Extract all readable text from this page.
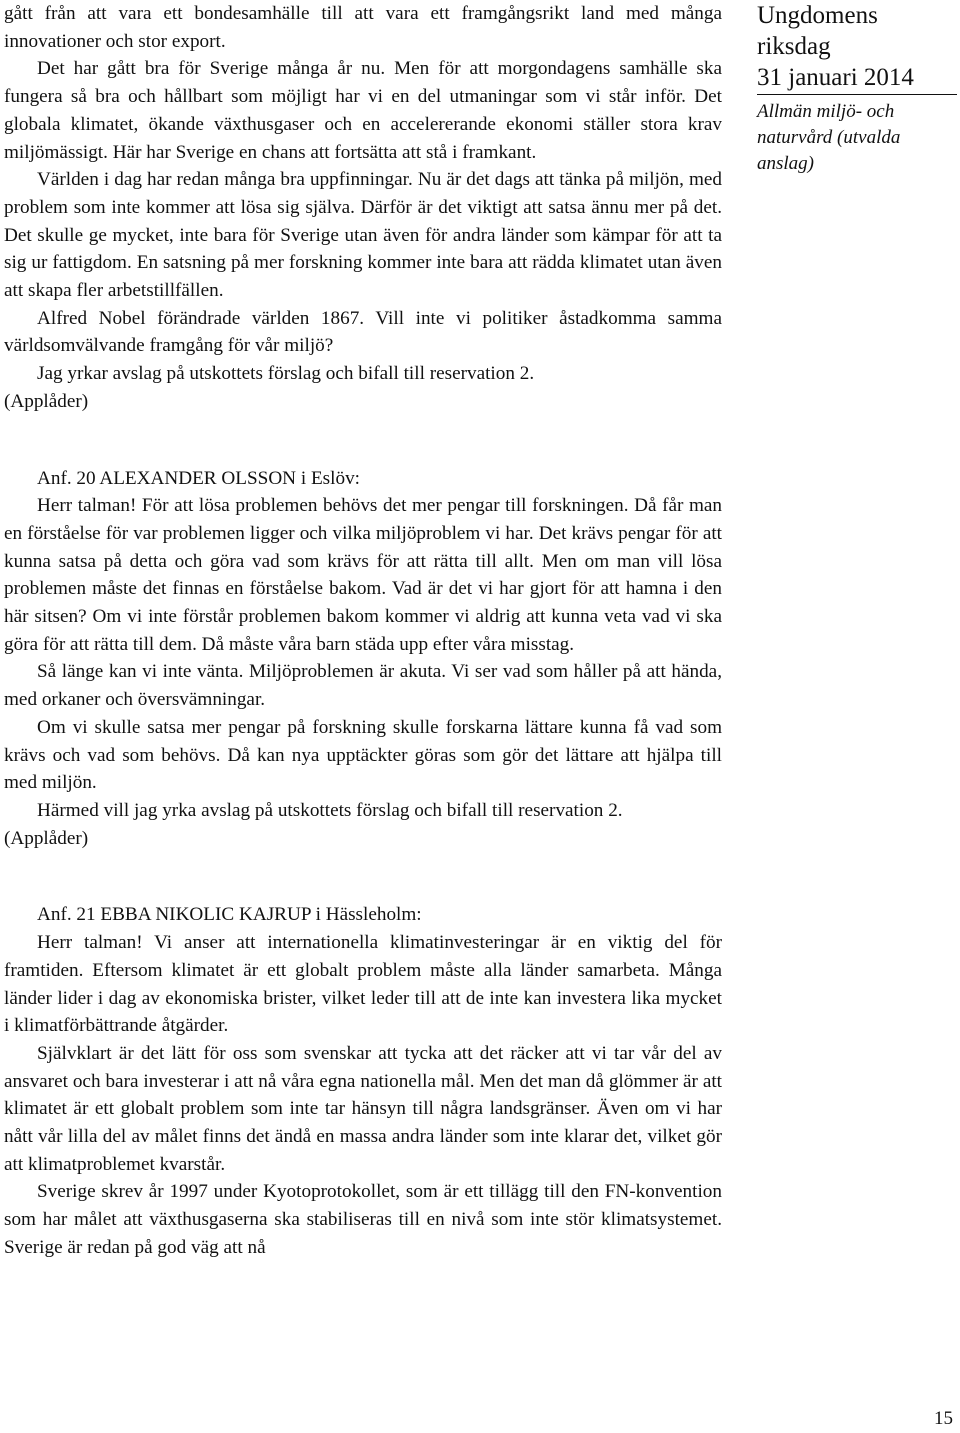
gått från att vara ett bondesamhälle till att vara ett framgångsrikt land med många innovationer och stor export.

Det har gått bra för Sverige många år nu. Men för att morgondagens samhälle ska fungera så bra och hållbart som möjligt har vi en del utmaningar som vi står inför. Det globala klimatet, ökande växthusgaser och en accelererande ekonomi ställer stora krav miljömässigt. Här har Sverige en chans att fortsätta att stå i framkant.

Världen i dag har redan många bra uppfinningar. Nu är det dags att tänka på miljön, med problem som inte kommer att lösa sig själva. Därför är det viktigt att satsa ännu mer på det. Det skulle ge mycket, inte bara för Sverige utan även för andra länder som kämpar för att ta sig ur fattigdom. En satsning på mer forskning kommer inte bara att rädda klimatet utan även att skapa fler arbetstillfällen.

Alfred Nobel förändrade världen 1867. Vill inte vi politiker åstadkomma samma världsomvälvande framgång för vår miljö?

Jag yrkar avslag på utskottets förslag och bifall till reservation 2.

(Applåder)

Anf. 20 ALEXANDER OLSSON i Eslöv:

Herr talman! För att lösa problemen behövs det mer pengar till forskningen. Då får man en förståelse för var problemen ligger och vilka miljöproblem vi har. Det krävs pengar för att kunna satsa på detta och göra vad som krävs för att rätta till allt. Men om man vill lösa problemen måste det finnas en förståelse bakom. Vad är det vi har gjort för att hamna i den här sitsen? Om vi inte förstår problemen bakom kommer vi aldrig att kunna veta vad vi ska göra för att rätta till dem. Då måste våra barn städa upp efter våra misstag.

Så länge kan vi inte vänta. Miljöproblemen är akuta. Vi ser vad som håller på att hända, med orkaner och översvämningar.

Om vi skulle satsa mer pengar på forskning skulle forskarna lättare kunna få vad som krävs och vad som behövs. Då kan nya upptäckter göras som gör det lättare att hjälpa till med miljön.

Härmed vill jag yrka avslag på utskottets förslag och bifall till reservation 2.

(Applåder)

Anf. 21 EBBA NIKOLIC KAJRUP i Hässleholm:

Herr talman! Vi anser att internationella klimatinvesteringar är en viktig del för framtiden. Eftersom klimatet är ett globalt problem måste alla länder samarbeta. Många länder lider i dag av ekonomiska brister, vilket leder till att de inte kan investera lika mycket i klimatförbättrande åtgärder.

Självklart är det lätt för oss som svenskar att tycka att det räcker att vi tar vår del av ansvaret och bara investerar i att nå våra egna nationella mål. Men det man då glömmer är att klimatet är ett globalt problem som inte tar hänsyn till några landsgränser. Även om vi har nått vår lilla del av målet finns det ändå en massa andra länder som inte klarar det, vilket gör att klimatproblemet kvarstår.

Sverige skrev år 1997 under Kyotoprotokollet, som är ett tillägg till den FN-konvention som har målet att växthusgaserna ska stabiliseras till en nivå som inte stör klimatsystemet. Sverige är redan på god väg att nå

Ungdomens riksdag

31 januari 2014

Allmän miljö- och naturvård (utvalda anslag)

15
